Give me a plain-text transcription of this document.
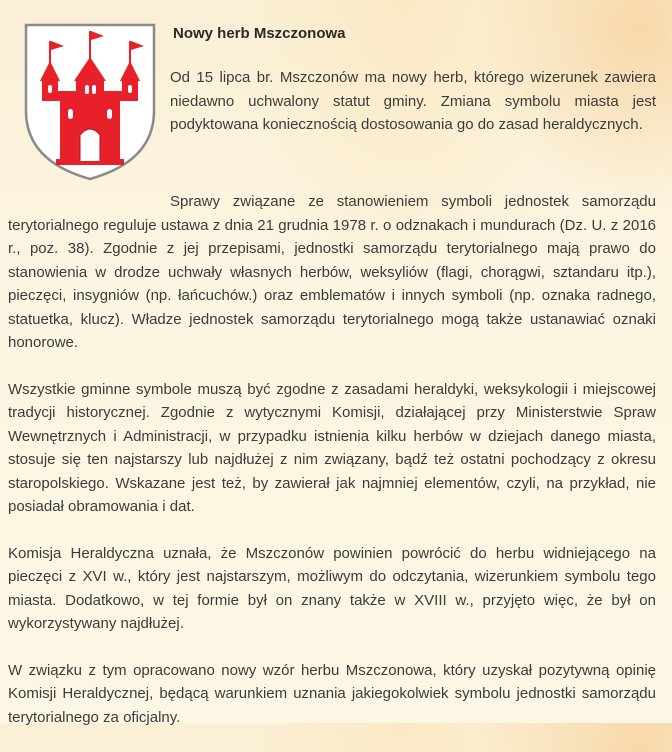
Nowy herb Mszczonowa

Od 15 lipca br. Mszczonów ma nowy herb, którego wizerunek zawiera niedawno uchwalony statut gminy. Zmiana symbolu miasta jest podyktowana koniecznością dostosowania go do zasad heraldycznych.

Sprawy związane ze stanowieniem symboli jednostek samorządu terytorialnego reguluje ustawa z dnia 21 grudnia 1978 r. o odznakach i mundurach (Dz. U. z 2016 r., poz. 38). Zgodnie z jej przepisami, jednostki samorządu terytorialnego mają prawo do stanowienia w drodze uchwały własnych herbów, weksyliów (flagi, chorągwi, sztandaru itp.), pieczęci, insygniów (np. łańcuchów.) oraz emblematów i innych symboli (np. oznaka radnego, statuetka, klucz). Władze jednostek samorządu terytorialnego mogą także ustanawiać oznaki honorowe.

Wszystkie gminne symbole muszą być zgodne z zasadami heraldyki, weksykologii i miejscowej tradycji historycznej. Zgodnie z wytycznymi Komisji, działającej przy Ministerstwie Spraw Wewnętrznych i Administracji, w przypadku istnienia kilku herbów w dziejach danego miasta, stosuje się ten najstarszy lub najdłużej z nim związany, bądź też ostatni pochodzący z okresu staropolskiego. Wskazane jest też, by zawierał jak najmniej elementów, czyli, na przykład, nie posiadał obramowania i dat.

Komisja Heraldyczna uznała, że Mszczonów powinien powrócić do herbu widniejącego na pieczęci z XVI w., który jest najstarszym, możliwym do odczytania, wizerunkiem symbolu tego miasta. Dodatkowo, w tej formie był on znany także w XVIII w., przyjęto więc, że był on wykorzystywany najdłużej.

W związku z tym opracowano nowy wzór herbu Mszczonowa, który uzyskał pozytywną opinię Komisji Heraldycznej, będącą warunkiem uznania jakiegokolwiek symbolu jednostki samorządu terytorialnego za oficjalny.
